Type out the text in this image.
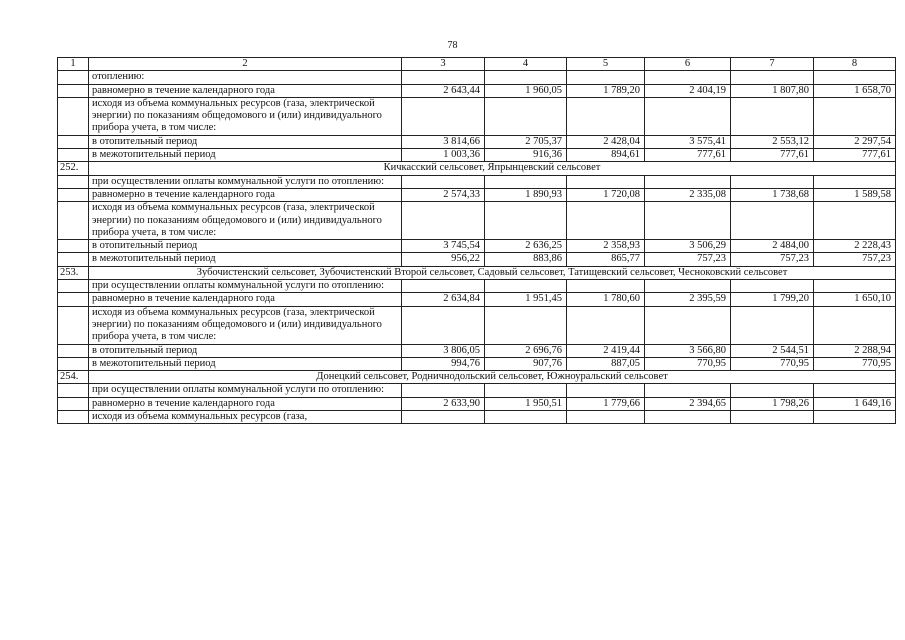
78
1	2	3	4	5	6	7	8
	отоплению:						
	равномерно в течение календарного года	2 643,44	1 960,05	1 789,20	2 404,19	1 807,80	1 658,70
	исходя из объема коммунальных ресурсов (газа, электрической энергии) по показаниям общедомового и (или) индивидуального прибора учета, в том числе:						
	в отопительный период	3 814,66	2 705,37	2 428,04	3 575,41	2 553,12	2 297,54
	в межотопительный период	1 003,36	916,36	894,61	777,61	777,61	777,61
252.	Кичкасский сельсовет, Япрынцевский сельсовет						
	при осуществлении оплаты коммунальной услуги по отоплению:						
	равномерно в течение календарного года	2 574,33	1 890,93	1 720,08	2 335,08	1 738,68	1 589,58
	исходя из объема коммунальных ресурсов (газа, электрической энергии) по показаниям общедомового и (или) индивидуального прибора учета, в том числе:						
	в отопительный период	3 745,54	2 636,25	2 358,93	3 506,29	2 484,00	2 228,43
	в межотопительный период	956,22	883,86	865,77	757,23	757,23	757,23
253.	Зубочистенский сельсовет, Зубочистенский Второй сельсовет, Садовый сельсовет, Татищевский сельсовет, Чесноковский сельсовет						
	при осуществлении оплаты коммунальной услуги по отоплению:						
	равномерно в течение календарного года	2 634,84	1 951,45	1 780,60	2 395,59	1 799,20	1 650,10
	исходя из объема коммунальных ресурсов (газа, электрической энергии) по показаниям общедомового и (или) индивидуального прибора учета, в том числе:						
	в отопительный период	3 806,05	2 696,76	2 419,44	3 566,80	2 544,51	2 288,94
	в межотопительный период	994,76	907,76	887,05	770,95	770,95	770,95
254.	Донецкий сельсовет, Родничнодольский сельсовет, Южноуральский сельсовет						
	при осуществлении оплаты коммунальной услуги по отоплению:						
	равномерно в течение календарного года	2 633,90	1 950,51	1 779,66	2 394,65	1 798,26	1 649,16
	исходя из объема коммунальных ресурсов (газа,						
